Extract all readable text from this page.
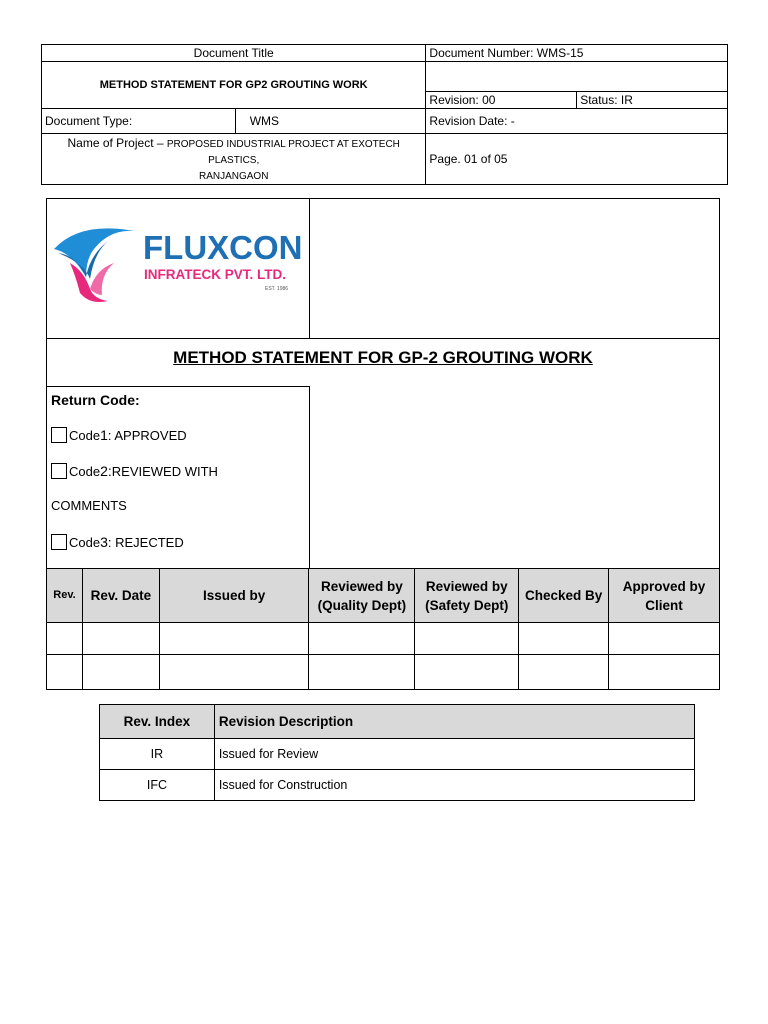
Document Title		Document Number: WMS-15	
METHOD STATEMENT FOR GP2 GROUTING WORK			
		Revision: 00	Status: IR
Document Type:	WMS	Revision Date: -	
Name of Project – PROPOSED INDUSTRIAL PROJECT AT EXOTECH PLASTICS,
RANJANGAON		Page. 01 of 05	
FLUXCON
INFRATECK PVT. LTD.
EST. 1986
METHOD STATEMENT FOR GP-2 GROUTING WORK
Return Code:
Code 1 : APPROVED
Code 2: REVIEWED WITH
COMMENTS
Code 3 : REJECTED
Rev.	Rev. Date	Issued by	Reviewed by (Quality Dept)	Reviewed by (Safety Dept)	Checked By	Approved by Client

Rev. Index	Revision Description
IR	Issued for Review
IFC	Issued for Construction
